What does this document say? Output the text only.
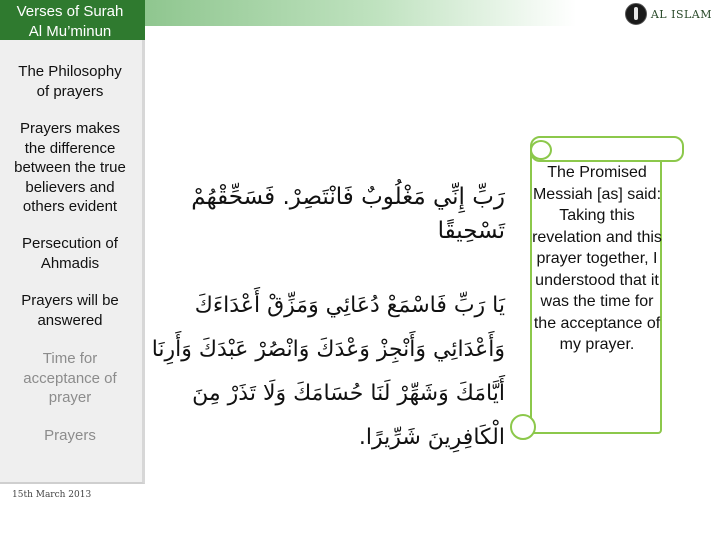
Verses of Surah
Al Mu’minun
The Philosophy
of prayers
Prayers makes
the difference
between the true
believers and
others evident
Persecution of
Ahmadis
Prayers will be
answered
Time for
acceptance of
prayer
Prayers
15th March 2013
AL ISLAM
رَبِّ إِنِّي مَغْلُوبٌ فَانْتَصِرْ. فَسَحِّقْهُمْ تَسْحِيقًا
يَا رَبِّ فَاسْمَعْ دُعَائِي وَمَزِّقْ أَعْدَاءَكَ وَأَعْدَائِي وَأَنْجِزْ وَعْدَكَ وَانْصُرْ عَبْدَكَ وَأَرِنَا أَيَّامَكَ وَشَهِّرْ لَنَا حُسَامَكَ وَلَا تَذَرْ مِنَ الْكَافِرِينَ شَرِّيرًا.
The Promised Messiah [as] said: Taking this revelation and this prayer together, I understood that it was the time for the acceptance of my prayer.
